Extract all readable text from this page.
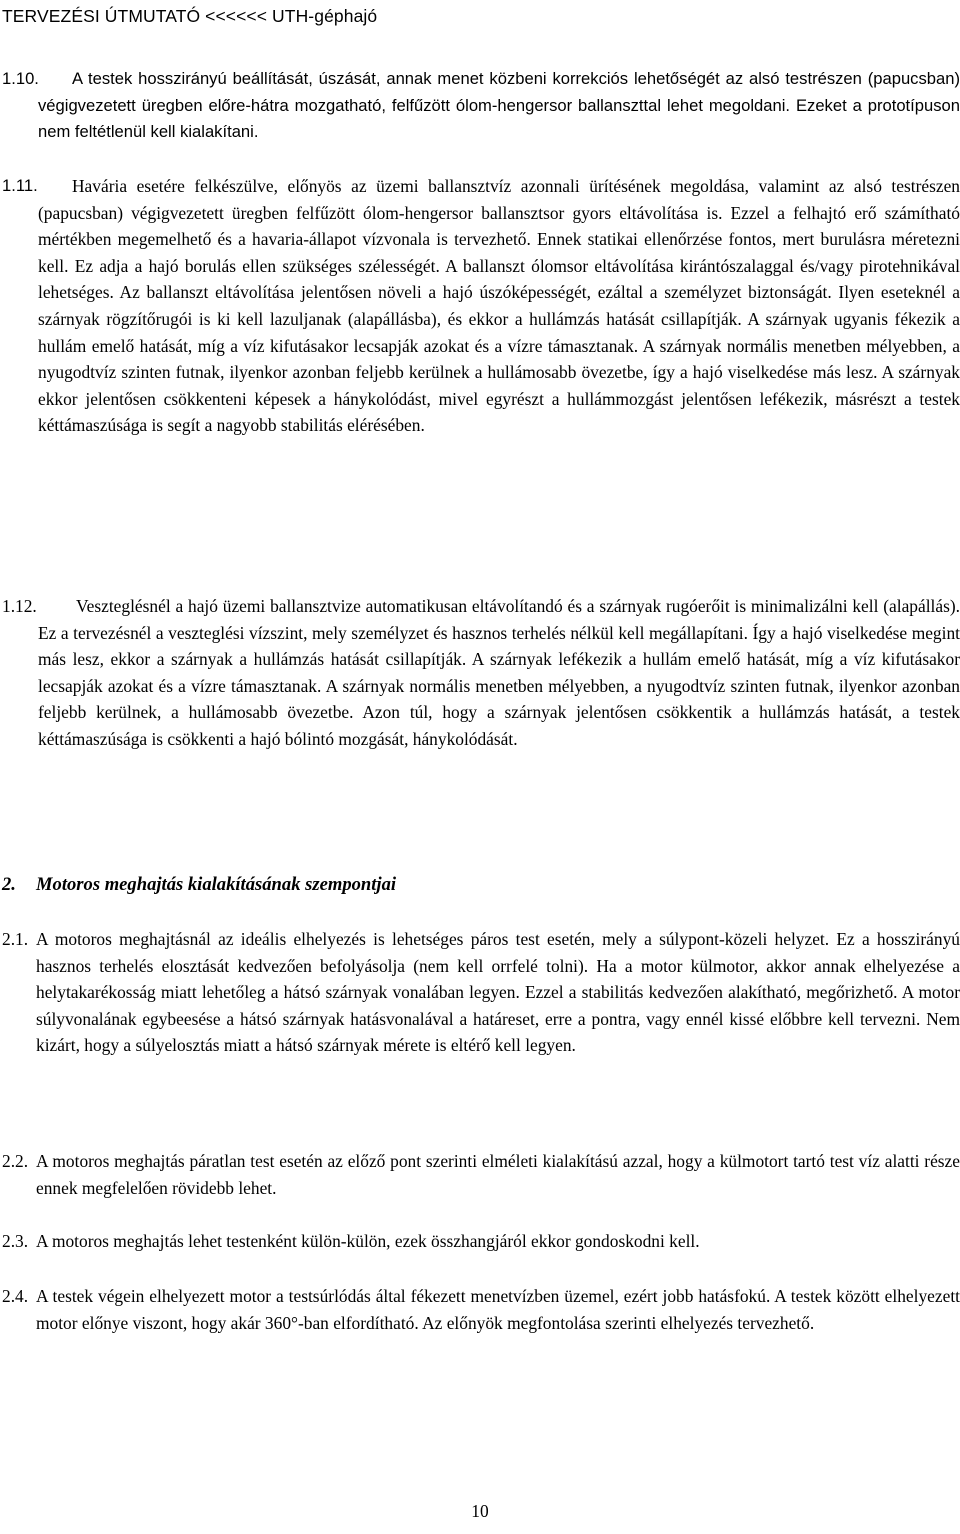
TERVEZÉSI ÚTMUTATÓ <<<<<< UTH-géphajó
1.10.	A testek hosszirányú beállítását, úszását, annak menet közbeni korrekciós lehetőségét az alsó testrészen (papucsban) végigvezetett üregben előre-hátra mozgatható, felfűzött ólom-hengersor ballanszttal lehet megoldani. Ezeket a prototípuson nem feltétlenül kell kialakítani.
1.11.	Havária esetére felkészülve, előnyös az üzemi ballansztvíz azonnali ürítésének megoldása, valamint az alsó testrészen (papucsban) végigvezetett üregben felfűzött ólom-hengersor ballansztsor gyors eltávolítása is. Ezzel a felhajtó erő számítható mértékben megemelhető és a havaria-állapot vízvonala is tervezhető. Ennek statikai ellenőrzése fontos, mert burulásra méretezni kell. Ez adja a hajó borulás ellen szükséges szélességét. A ballanszt ólomsor eltávolítása kirántószalaggal és/vagy pirotehnikával lehetséges. Az ballanszt eltávolítása jelentősen növeli a hajó úszóképességét, ezáltal a személyzet biztonságát. Ilyen eseteknél a szárnyak rögzítőrugói is ki kell lazuljanak (alapállásba), és ekkor a hullámzás hatását csillapítják. A szárnyak ugyanis fékezik a hullám emelő hatását, míg a víz kifutásakor lecsapják azokat és a vízre támasztanak. A szárnyak normális menetben mélyebben, a nyugodtvíz szinten futnak, ilyenkor azonban feljebb kerülnek a hullámosabb övezetbe, így a hajó viselkedése más lesz. A szárnyak ekkor jelentősen csökkenteni képesek a hánykolódást, mivel egyrészt a hullámmozgást jelentősen lefékezik, másrészt a testek kéttámaszúsága is segít a nagyobb stabilitás elérésében.
1.12.	Veszteglésnél a hajó üzemi ballansztvize automatikusan eltávolítandó és a szárnyak rugóerőit is minimalizálni kell (alapállás). Ez a tervezésnél a veszteglési vízszint, mely személyzet és hasznos terhelés nélkül kell megállapítani. Így a hajó viselkedése megint más lesz, ekkor a szárnyak a hullámzás hatását csillapítják. A szárnyak lefékezik a hullám emelő hatását, míg a víz kifutásakor lecsapják azokat és a vízre támasztanak. A szárnyak normális menetben mélyebben, a nyugodtvíz szinten futnak, ilyenkor azonban feljebb kerülnek, a hullámosabb övezetbe. Azon túl, hogy a szárnyak jelentősen csökkentik a hullámzás hatását, a testek kéttámaszúsága is csökkenti a hajó bólintó mozgását, hánykolódását.
2. Motoros meghajtás kialakításának szempontjai
2.1. A motoros meghajtásnál az ideális elhelyezés is lehetséges páros test esetén, mely a súlypont-közeli helyzet. Ez a hosszirányú hasznos terhelés elosztását kedvezően befolyásolja (nem kell orrfelé tolni). Ha a motor külmotor, akkor annak elhelyezése a helytakarékosság miatt lehetőleg a hátsó szárnyak vonalában legyen. Ezzel a stabilitás kedvezően alakítható, megőrizhető. A motor súlyvonalának egybeesése a hátsó szárnyak hatásvonalával a határeset, erre a pontra, vagy ennél kissé előbbre kell tervezni. Nem kizárt, hogy a súlyelosztás miatt a hátsó szárnyak mérete is eltérő kell legyen.
2.2. A motoros meghajtás páratlan test esetén az előző pont szerinti elméleti kialakítású azzal, hogy a külmotort tartó test víz alatti része ennek megfelelően rövidebb lehet.
2.3. A motoros meghajtás lehet testenként külön-külön, ezek összhangjáról ekkor gondoskodni kell.
2.4. A testek végein elhelyezett motor a testsúrlódás által fékezett menetvízben üzemel, ezért jobb hatásfokú. A testek között elhelyezett motor előnye viszont, hogy akár 360°-ban elfordítható. Az előnyök megfontolása szerinti elhelyezés tervezhető.
10
